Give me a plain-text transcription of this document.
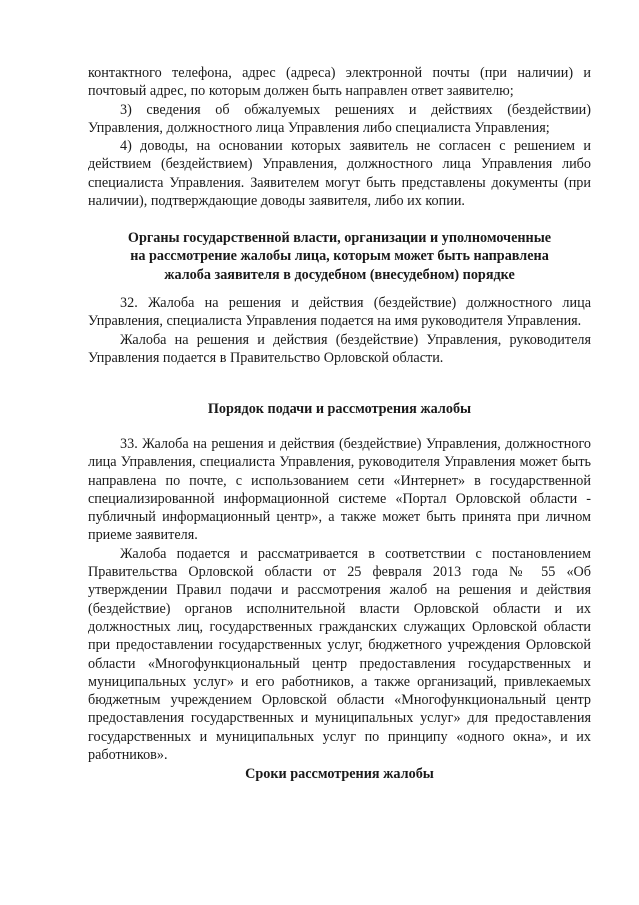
контактного телефона, адрес (адреса) электронной почты (при наличии) и почтовый адрес, по которым должен быть направлен ответ заявителю;

3) сведения об обжалуемых решениях и действиях (бездействии) Управления, должностного лица Управления либо специалиста Управления;

4) доводы, на основании которых заявитель не согласен с решением и действием (бездействием) Управления, должностного лица Управления либо специалиста Управления. Заявителем могут быть представлены документы (при наличии), подтверждающие доводы заявителя, либо их копии.

Органы государственной власти, организации и уполномоченные

на рассмотрение жалобы лица, которым может быть направлена

жалоба заявителя в досудебном (внесудебном) порядке

32. Жалоба на решения и действия (бездействие) должностного лица Управления, специалиста Управления подается на имя руководителя Управления.

Жалоба на решения и действия (бездействие) Управления, руководителя Управления подается в Правительство Орловской области.

Порядок подачи и рассмотрения жалобы

33. Жалоба на решения и действия (бездействие) Управления, должностного лица Управления, специалиста Управления, руководителя Управления может быть направлена по почте, с использованием сети «Интернет» в государственной специализированной информационной системе «Портал Орловской области - публичный информационный центр», а также может быть принята при личном приеме заявителя.

Жалоба подается и рассматривается в соответствии с постановлением Правительства Орловской области от 25 февраля 2013 года № 55 «Об утверждении Правил подачи и рассмотрения жалоб на решения и действия (бездействие) органов исполнительной власти Орловской области и их должностных лиц, государственных гражданских служащих Орловской области при предоставлении государственных услуг, бюджетного учреждения Орловской области «Многофункциональный центр предоставления государственных и муниципальных услуг» и его работников, а также организаций, привлекаемых бюджетным учреждением Орловской области «Многофункциональный центр предоставления государственных и муниципальных услуг» для предоставления государственных и муниципальных услуг по принципу «одного окна», и их работников».

Сроки рассмотрения жалобы
